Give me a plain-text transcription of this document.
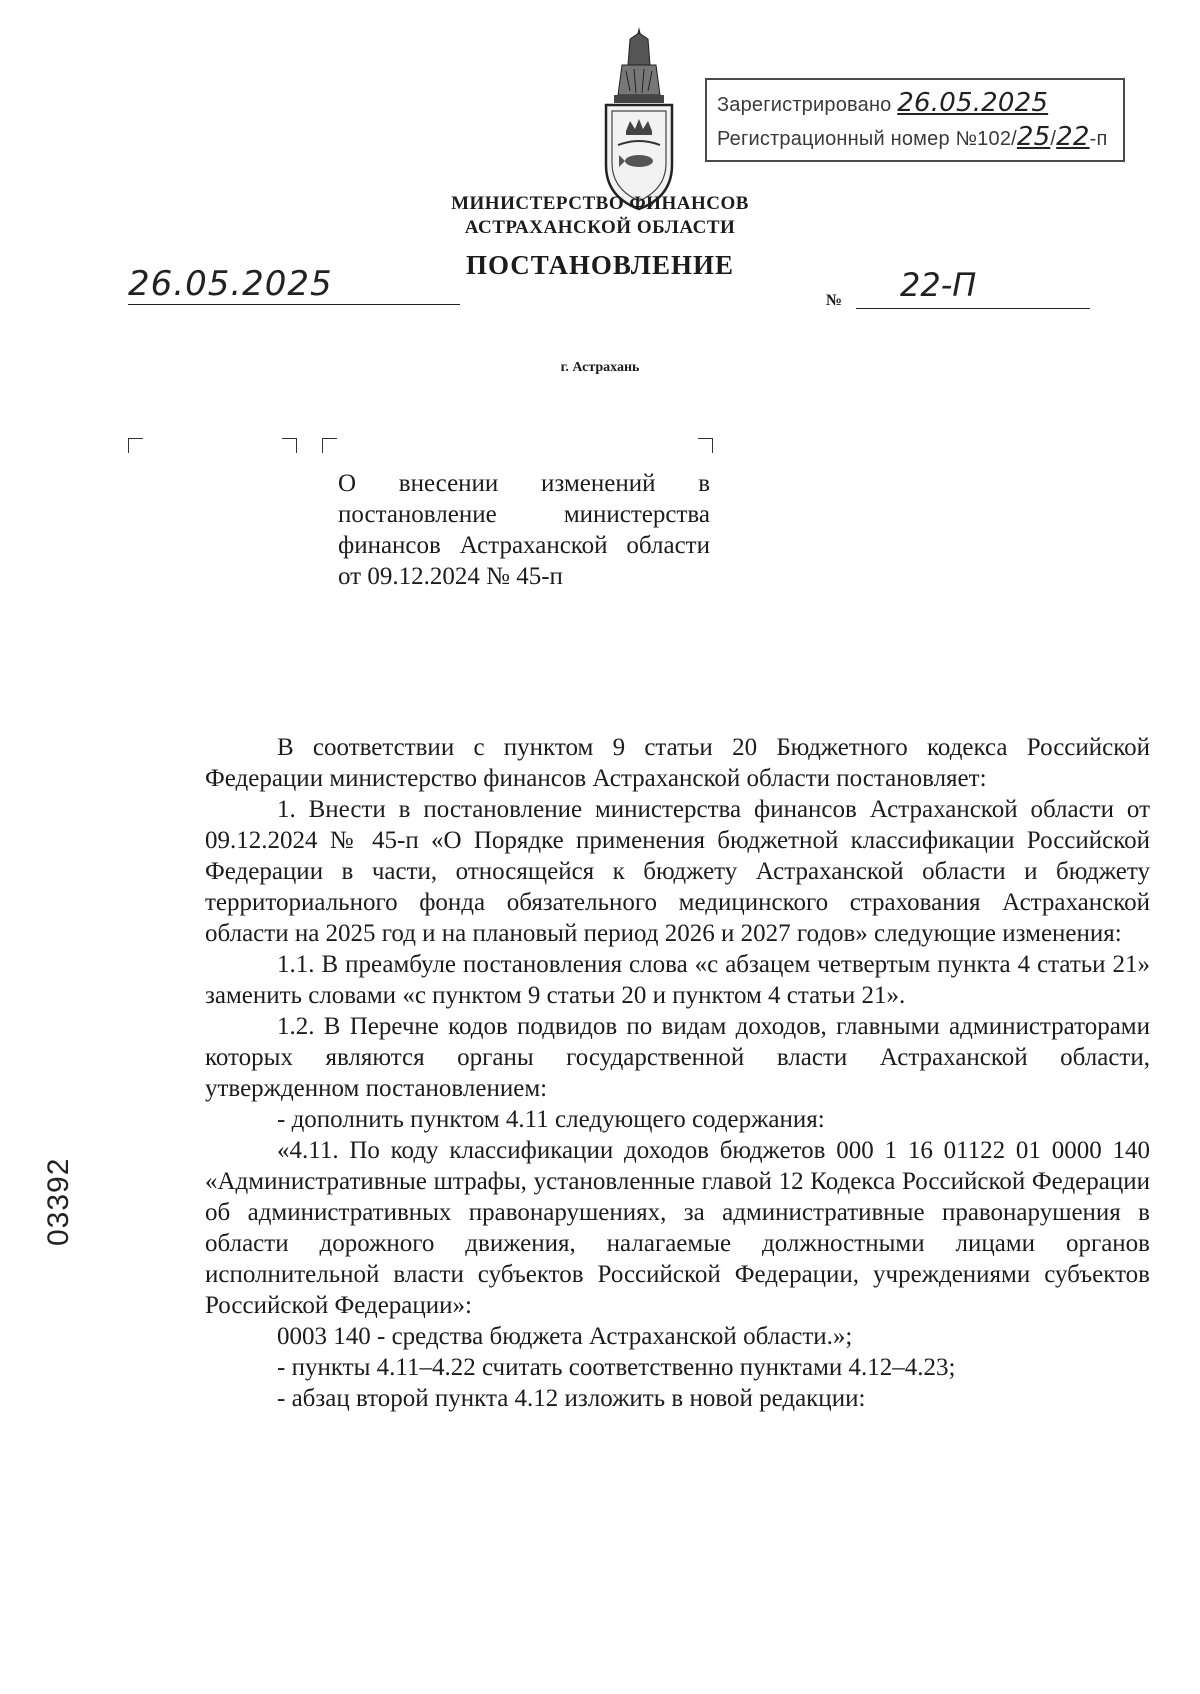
Зарегистрировано 26.05.2025
Регистрационный номер №102/25/22-п
МИНИСТЕРСТВО ФИНАНСОВ
АСТРАХАНСКОЙ ОБЛАСТИ
ПОСТАНОВЛЕНИЕ
26.05.2025	№ 22-П
г. Астрахань
О внесении изменений в постановление министерства финансов Астраханской области от 09.12.2024 № 45-п

В соответствии с пунктом 9 статьи 20 Бюджетного кодекса Российской Федерации министерство финансов Астраханской области постановляет:

1. Внести в постановление министерства финансов Астраханской области от 09.12.2024 № 45-п «О Порядке применения бюджетной классификации Российской Федерации в части, относящейся к бюджету Астраханской области и бюджету территориального фонда обязательного медицинского страхования Астраханской области на 2025 год и на плановый период 2026 и 2027 годов» следующие изменения:

1.1. В преамбуле постановления слова «с абзацем четвертым пункта 4 статьи 21» заменить словами «с пунктом 9 статьи 20 и пунктом 4 статьи 21».

1.2. В Перечне кодов подвидов по видам доходов, главными администраторами которых являются органы государственной власти Астраханской области, утвержденном постановлением:

- дополнить пунктом 4.11 следующего содержания:

«4.11. По коду классификации доходов бюджетов 000 1 16 01122 01 0000 140 «Административные штрафы, установленные главой 12 Кодекса Российской Федерации об административных правонарушениях, за административные правонарушения в области дорожного движения, налагаемые должностными лицами органов исполнительной власти субъектов Российской Федерации, учреждениями субъектов Российской Федерации»:

0003 140 - средства бюджета Астраханской области.»;

- пункты 4.11–4.22 считать соответственно пунктами 4.12–4.23;

- абзац второй пункта 4.12 изложить в новой редакции:

03392
